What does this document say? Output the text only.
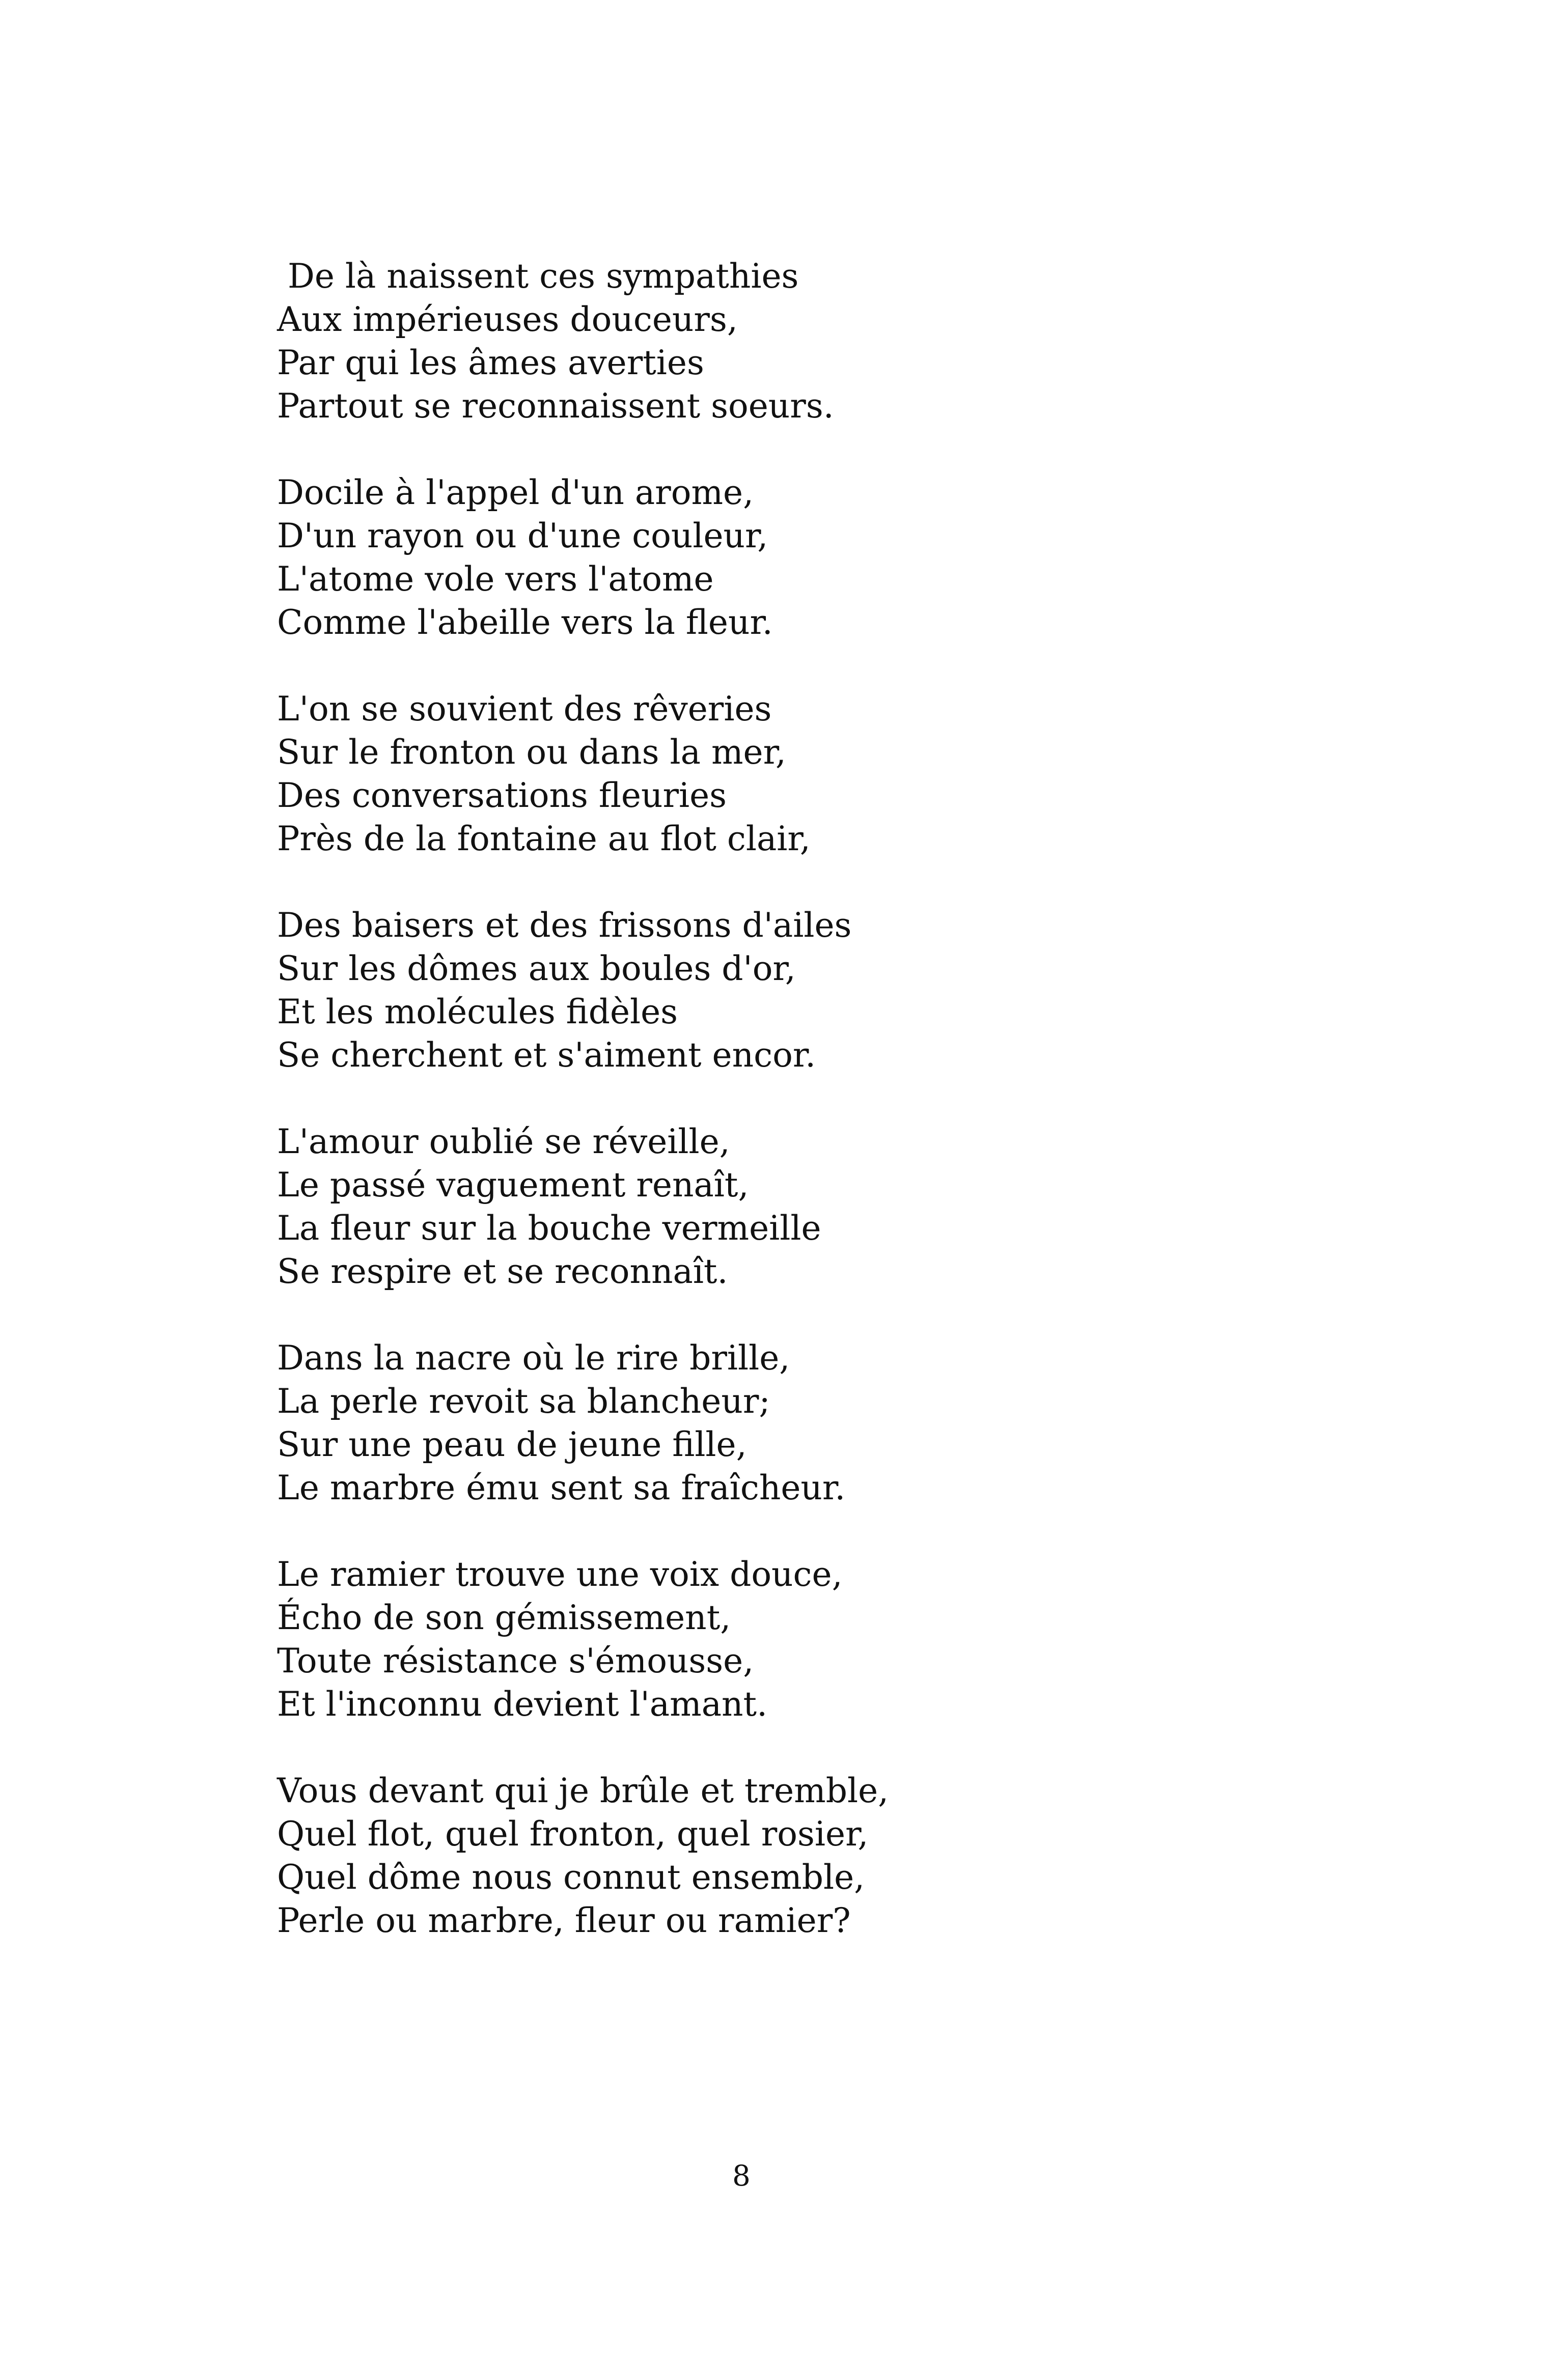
De là naissent ces sympathies
Aux impérieuses douceurs,
Par qui les âmes averties
Partout se reconnaissent soeurs.
Docile à l'appel d'un arome,
D'un rayon ou d'une couleur,
L'atome vole vers l'atome
Comme l'abeille vers la fleur.
L'on se souvient des rêveries
Sur le fronton ou dans la mer,
Des conversations fleuries
Près de la fontaine au flot clair,
Des baisers et des frissons d'ailes
Sur les dômes aux boules d'or,
Et les molécules fidèles
Se cherchent et s'aiment encor.
L'amour oublié se réveille,
Le passé vaguement renaît,
La fleur sur la bouche vermeille
Se respire et se reconnaît.
Dans la nacre où le rire brille,
La perle revoit sa blancheur;
Sur une peau de jeune fille,
Le marbre ému sent sa fraîcheur.
Le ramier trouve une voix douce,
Écho de son gémissement,
Toute résistance s'émousse,
Et l'inconnu devient l'amant.
Vous devant qui je brûle et tremble,
Quel flot, quel fronton, quel rosier,
Quel dôme nous connut ensemble,
Perle ou marbre, fleur ou ramier?
8
